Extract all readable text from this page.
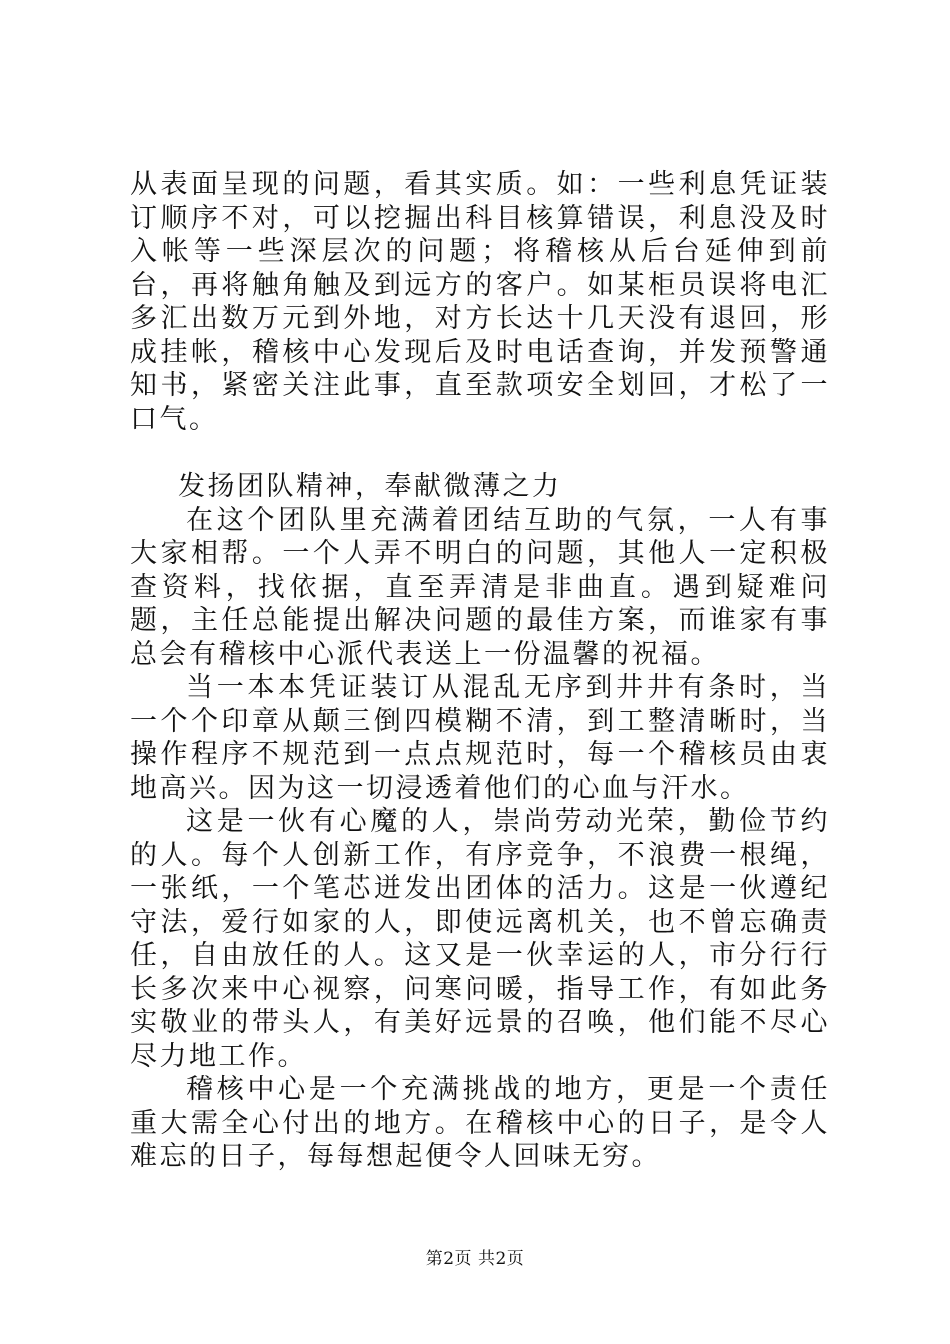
从表面呈现的问题，看其实质。如：一些利息凭证装订顺序不对，可以挖掘出科目核算错误，利息没及时入帐等一些深层次的问题；将稽核从后台延伸到前台，再将触角触及到远方的客户。如某柜员误将电汇多汇出数万元到外地，对方长达十几天没有退回，形成挂帐，稽核中心发现后及时电话查询，并发预警通知书，紧密关注此事，直至款项安全划回，才松了一口气。

发扬团队精神，奉献微薄之力

在这个团队里充满着团结互助的气氛，一人有事大家相帮。一个人弄不明白的问题，其他人一定积极查资料，找依据，直至弄清是非曲直。遇到疑难问题，主任总能提出解决问题的最佳方案，而谁家有事总会有稽核中心派代表送上一份温馨的祝福。

当一本本凭证装订从混乱无序到井井有条时，当一个个印章从颠三倒四模糊不清，到工整清晰时，当操作程序不规范到一点点规范时，每一个稽核员由衷地高兴。因为这一切浸透着他们的心血与汗水。

这是一伙有心魔的人，崇尚劳动光荣，勤俭节约的人。每个人创新工作，有序竞争，不浪费一根绳，一张纸，一个笔芯迸发出团体的活力。这是一伙遵纪守法，爱行如家的人，即使远离机关，也不曾忘确责任，自由放任的人。这又是一伙幸运的人，市分行行长多次来中心视察，问寒问暖，指导工作，有如此务实敬业的带头人，有美好远景的召唤，他们能不尽心尽力地工作。

稽核中心是一个充满挑战的地方，更是一个责任重大需全心付出的地方。在稽核中心的日子，是令人难忘的日子，每每想起便令人回味无穷。

第2页 共2页
